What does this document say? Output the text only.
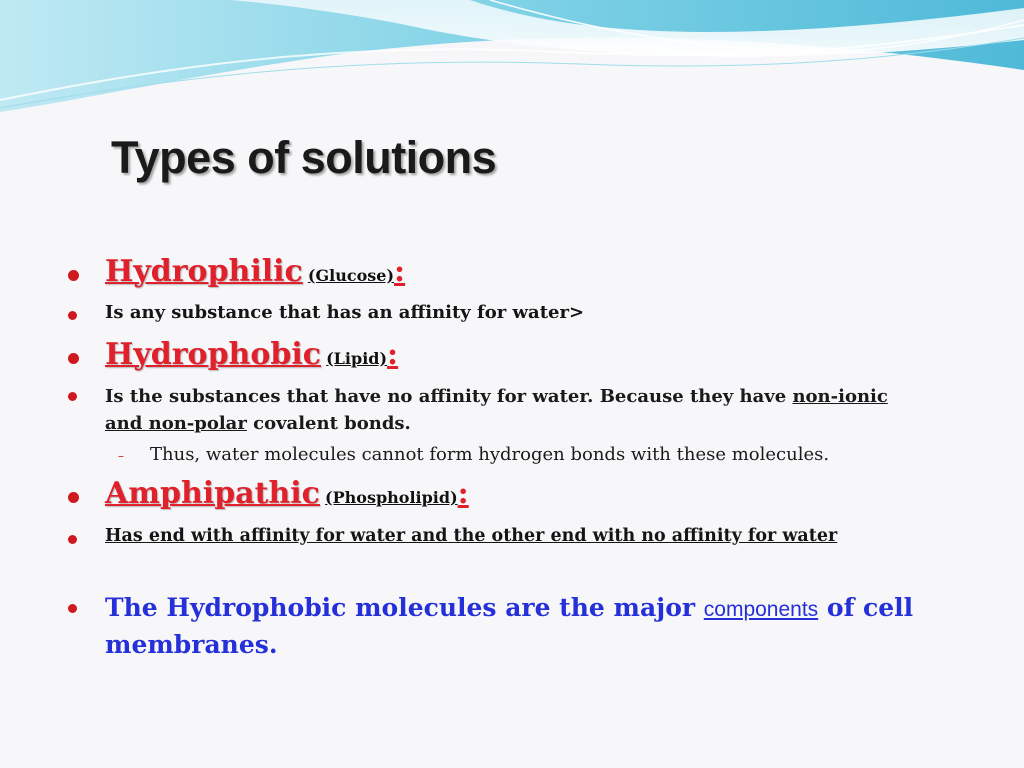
Types of solutions
Hydrophilic (Glucose):
Is any substance that has an affinity for water>
Hydrophobic (Lipid):
Is the substances that have no affinity for water. Because they have non-ionic
and non-polar covalent bonds.
– Thus, water molecules cannot form hydrogen bonds with these molecules.
Amphipathic (Phospholipid):
Has end with affinity for water and the other end with no affinity for water
The Hydrophobic molecules are the major components of cell
membranes.
